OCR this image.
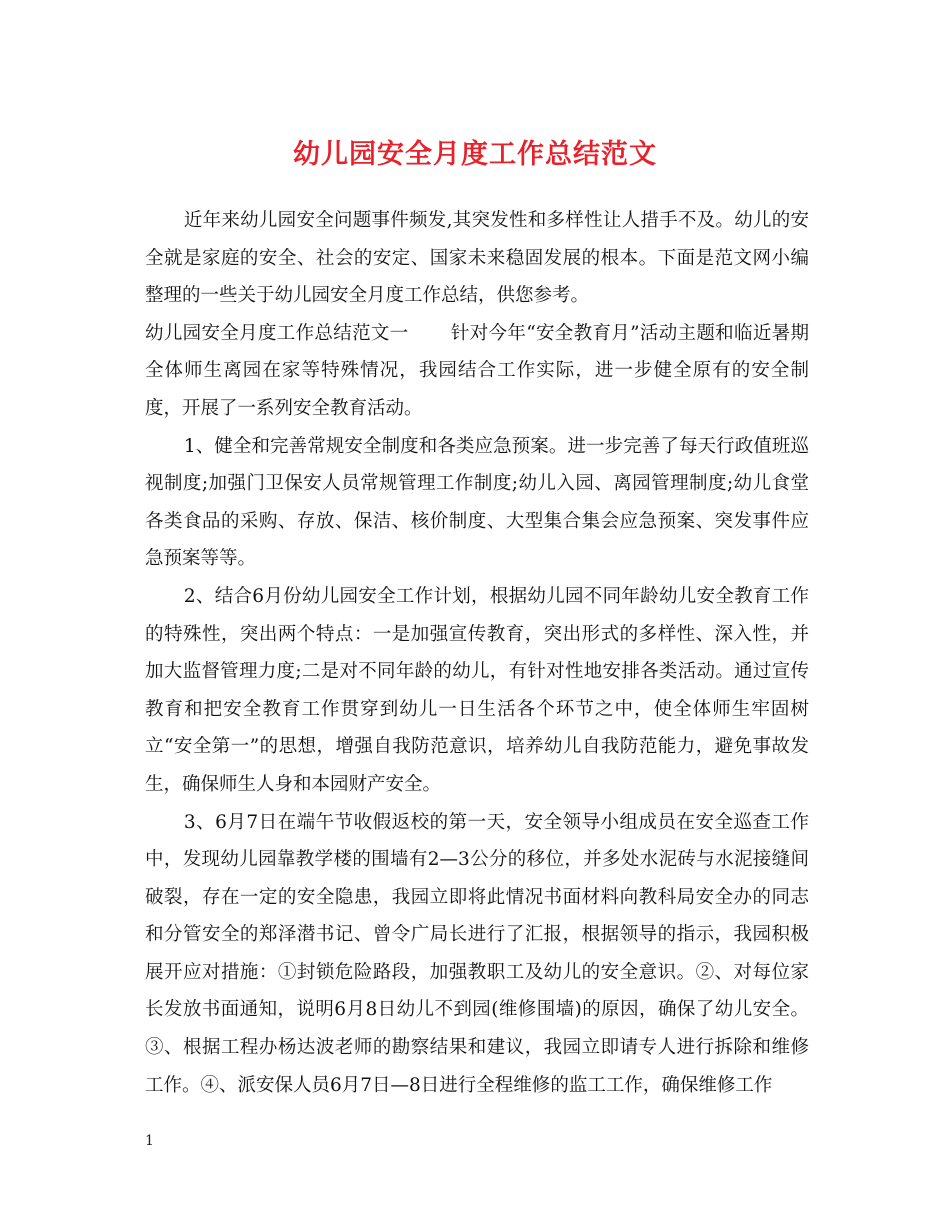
幼儿园安全月度工作总结范文

近年来幼儿园安全问题事件频发,其突发性和多样性让人措手不及。幼儿的安全就是家庭的安全、社会的安定、国家未来稳固发展的根本。下面是范文网小编整理的一些关于幼儿园安全月度工作总结，供您参考。

幼儿园安全月度工作总结范文一 针对今年“安全教育月”活动主题和临近暑期全体师生离园在家等特殊情况，我园结合工作实际，进一步健全原有的安全制度，开展了一系列安全教育活动。

1、健全和完善常规安全制度和各类应急预案。进一步完善了每天行政值班巡视制度;加强门卫保安人员常规管理工作制度;幼儿入园、离园管理制度;幼儿食堂各类食品的采购、存放、保洁、核价制度、大型集合集会应急预案、突发事件应急预案等等。

2、结合6月份幼儿园安全工作计划，根据幼儿园不同年龄幼儿安全教育工作的特殊性，突出两个特点：一是加强宣传教育，突出形式的多样性、深入性，并加大监督管理力度;二是对不同年龄的幼儿，有针对性地安排各类活动。通过宣传教育和把安全教育工作贯穿到幼儿一日生活各个环节之中，使全体师生牢固树立“安全第一”的思想，增强自我防范意识，培养幼儿自我防范能力，避免事故发生，确保师生人身和本园财产安全。

3、6月7日在端午节收假返校的第一天，安全领导小组成员在安全巡查工作中，发现幼儿园靠教学楼的围墙有2—3公分的移位，并多处水泥砖与水泥接缝间破裂，存在一定的安全隐患，我园立即将此情况书面材料向教科局安全办的同志和分管安全的郑泽潜书记、曾令广局长进行了汇报，根据领导的指示，我园积极展开应对措施：①封锁危险路段，加强教职工及幼儿的安全意识。②、对每位家长发放书面通知，说明6月8日幼儿不到园(维修围墙)的原因，确保了幼儿安全。③、根据工程办杨达波老师的勘察结果和建议，我园立即请专人进行拆除和维修工作。④、派安保人员6月7日—8日进行全程维修的监工工作，确保维修工作

1
